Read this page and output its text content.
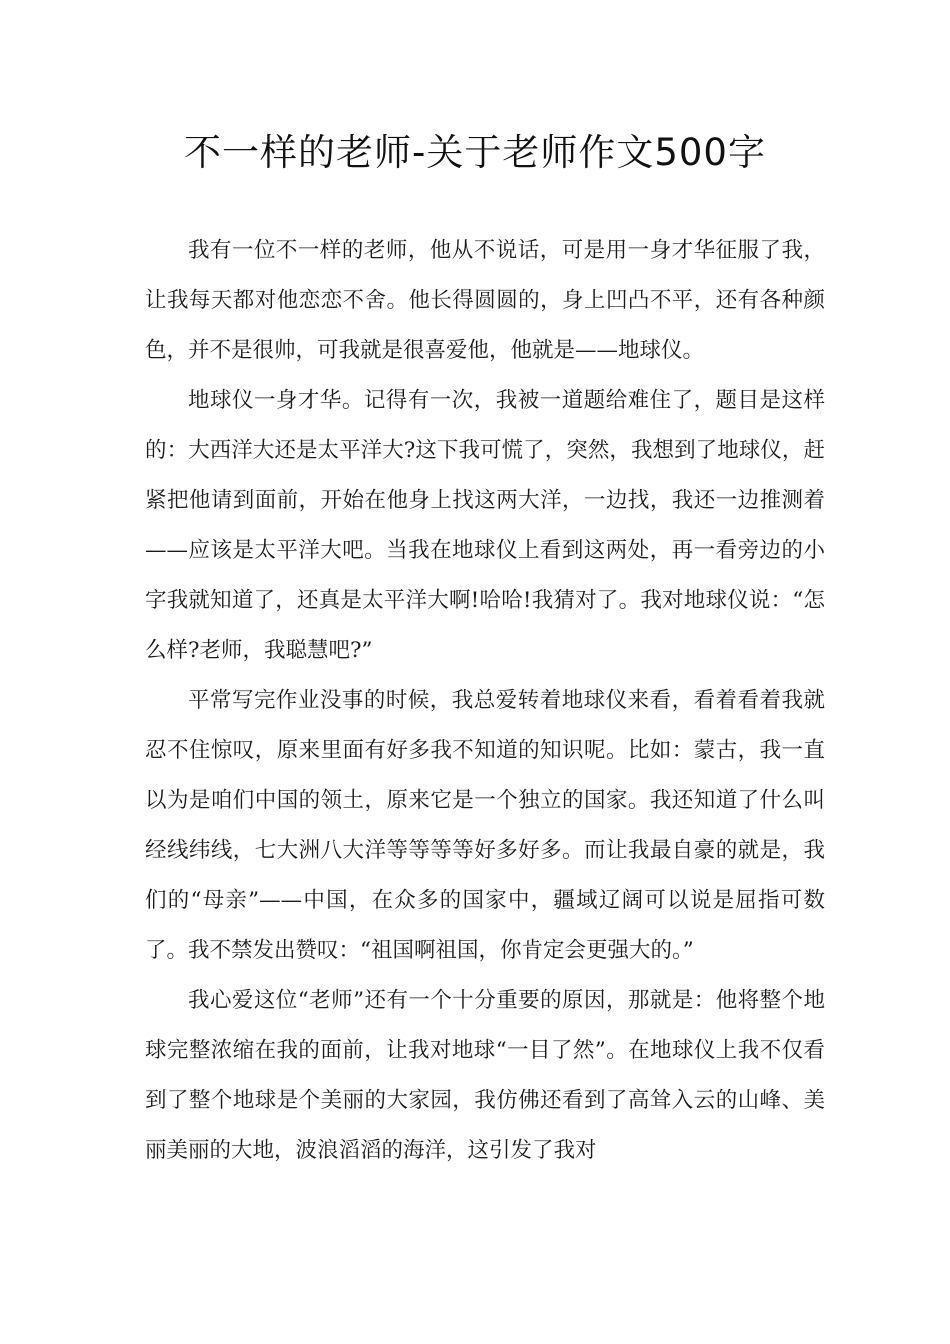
不一样的老师-关于老师作文500字

我有一位不一样的老师，他从不说话，可是用一身才华征服了我，让我每天都对他恋恋不舍。他长得圆圆的，身上凹凸不平，还有各种颜色，并不是很帅，可我就是很喜爱他，他就是——地球仪。

地球仪一身才华。记得有一次，我被一道题给难住了，题目是这样的：大西洋大还是太平洋大?这下我可慌了，突然，我想到了地球仪，赶紧把他请到面前，开始在他身上找这两大洋，一边找，我还一边推测着——应该是太平洋大吧。当我在地球仪上看到这两处，再一看旁边的小字我就知道了，还真是太平洋大啊!哈哈!我猜对了。我对地球仪说：“怎么样?老师，我聪慧吧?”

平常写完作业没事的时候，我总爱转着地球仪来看，看着看着我就忍不住惊叹，原来里面有好多我不知道的知识呢。比如：蒙古，我一直以为是咱们中国的领土，原来它是一个独立的国家。我还知道了什么叫经线纬线，七大洲八大洋等等等等好多好多。而让我最自豪的就是，我们的“母亲”——中国，在众多的国家中，疆域辽阔可以说是屈指可数了。我不禁发出赞叹：“祖国啊祖国，你肯定会更强大的。”

我心爱这位“老师”还有一个十分重要的原因，那就是：他将整个地球完整浓缩在我的面前，让我对地球“一目了然”。在地球仪上我不仅看到了整个地球是个美丽的大家园，我仿佛还看到了高耸入云的山峰、美丽美丽的大地，波浪滔滔的海洋，这引发了我对
